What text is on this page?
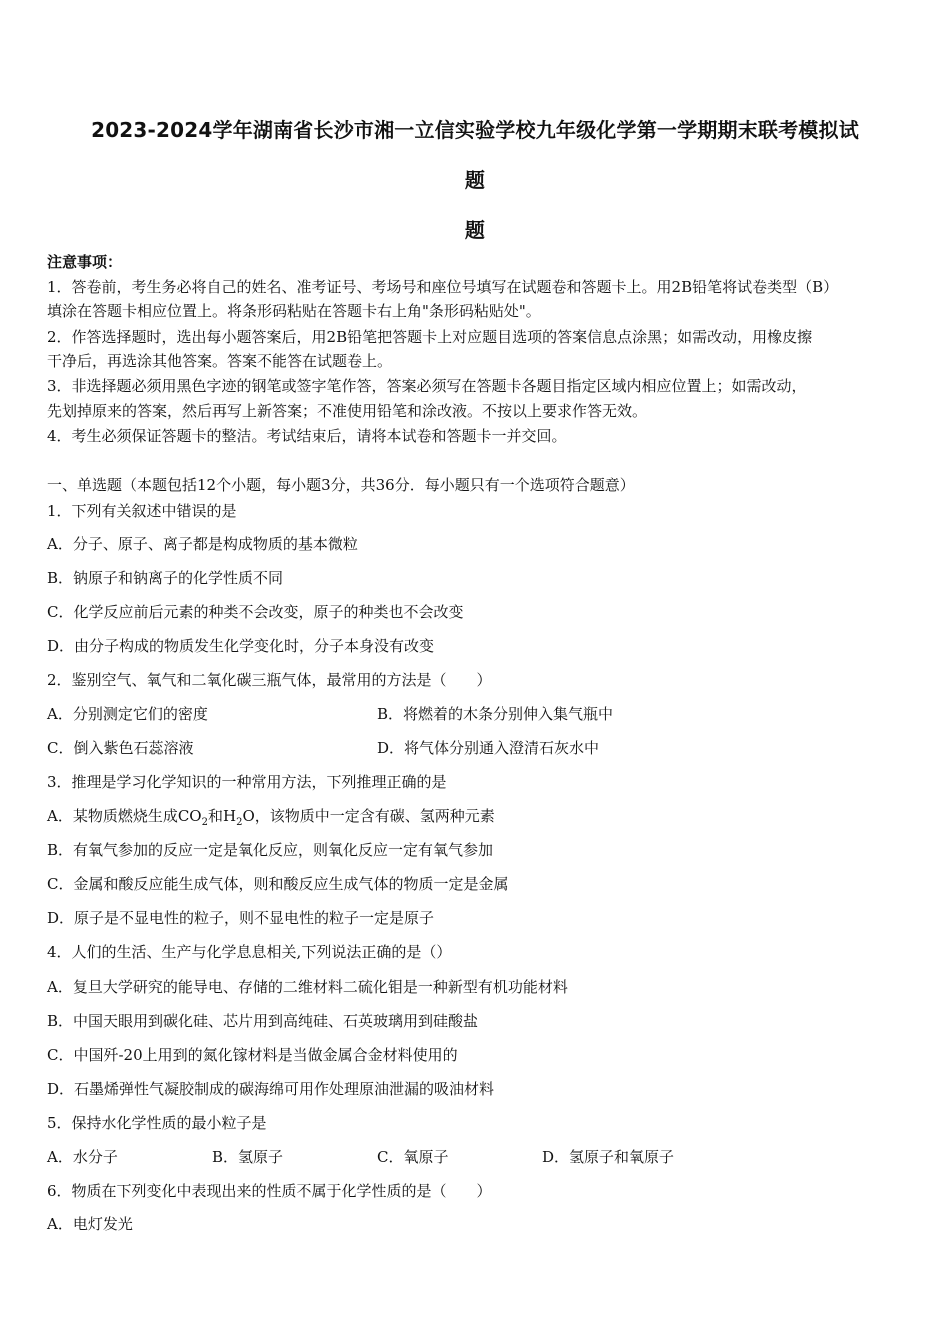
2023-2024学年湖南省长沙市湘一立信实验学校九年级化学第一学期期末联考模拟试
题
题
注意事项：
1．答卷前，考生务必将自己的姓名、准考证号、考场号和座位号填写在试题卷和答题卡上。用2B铅笔将试卷类型（B）
填涂在答题卡相应位置上。将条形码粘贴在答题卡右上角"条形码粘贴处"。
2．作答选择题时，选出每小题答案后，用2B铅笔把答题卡上对应题目选项的答案信息点涂黑；如需改动，用橡皮擦
干净后，再选涂其他答案。答案不能答在试题卷上。
3．非选择题必须用黑色字迹的钢笔或签字笔作答，答案必须写在答题卡各题目指定区域内相应位置上；如需改动，
先划掉原来的答案，然后再写上新答案；不准使用铅笔和涂改液。不按以上要求作答无效。
4．考生必须保证答题卡的整洁。考试结束后，请将本试卷和答题卡一并交回。
一、单选题（本题包括12个小题，每小题3分，共36分．每小题只有一个选项符合题意）
1．下列有关叙述中错误的是
A．分子、原子、离子都是构成物质的基本微粒
B．钠原子和钠离子的化学性质不同
C．化学反应前后元素的种类不会改变，原子的种类也不会改变
D．由分子构成的物质发生化学变化时，分子本身没有改变
2．鉴别空气、氧气和二氧化碳三瓶气体，最常用的方法是（　　）
A．分别测定它们的密度	B．将燃着的木条分别伸入集气瓶中
C．倒入紫色石蕊溶液	D．将气体分别通入澄清石灰水中
3．推理是学习化学知识的一种常用方法，下列推理正确的是
A．某物质燃烧生成$CO_2$和$H_2O$，该物质中一定含有碳、氢两种元素
B．有氧气参加的反应一定是氧化反应，则氧化反应一定有氧气参加
C．金属和酸反应能生成气体，则和酸反应生成气体的物质一定是金属
D．原子是不显电性的粒子，则不显电性的粒子一定是原子
4．人们的生活、生产与化学息息相关,下列说法正确的是（）
A．复旦大学研究的能导电、存储的二维材料二硫化钼是一种新型有机功能材料
B．中国天眼用到碳化硅、芯片用到高纯硅、石英玻璃用到硅酸盐
C．中国歼-20上用到的氮化镓材料是当做金属合金材料使用的
D．石墨烯弹性气凝胶制成的碳海绵可用作处理原油泄漏的吸油材料
5．保持水化学性质的最小粒子是
A．水分子	B．氢原子	C．氧原子	D．氢原子和氧原子
6．物质在下列变化中表现出来的性质不属于化学性质的是（　　）
A．电灯发光
